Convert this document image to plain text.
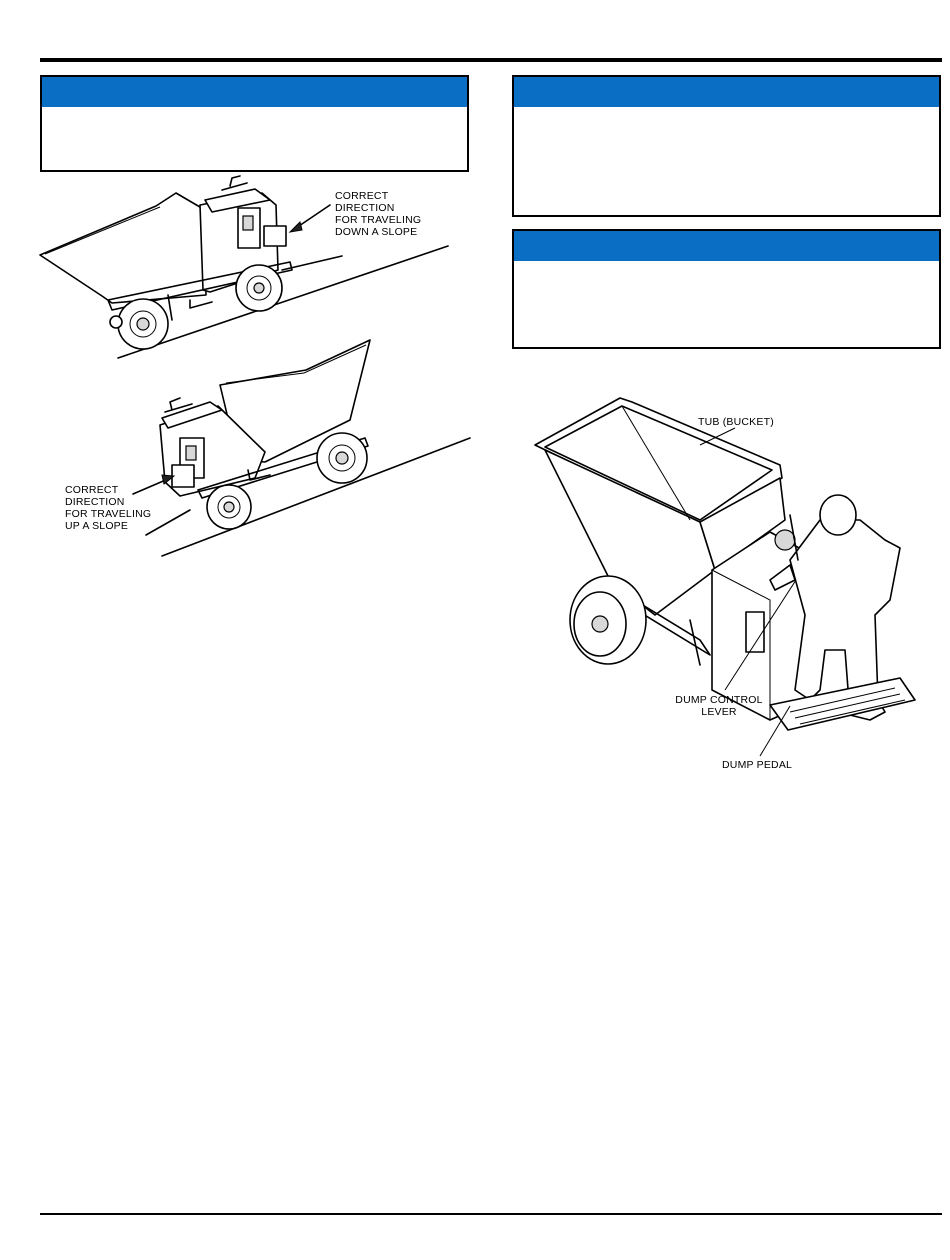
CORRECT
DIRECTION
FOR TRAVELING
DOWN A SLOPE
CORRECT
DIRECTION
FOR TRAVELING
UP A SLOPE
TUB (BUCKET)
DUMP CONTROL
LEVER
DUMP PEDAL
